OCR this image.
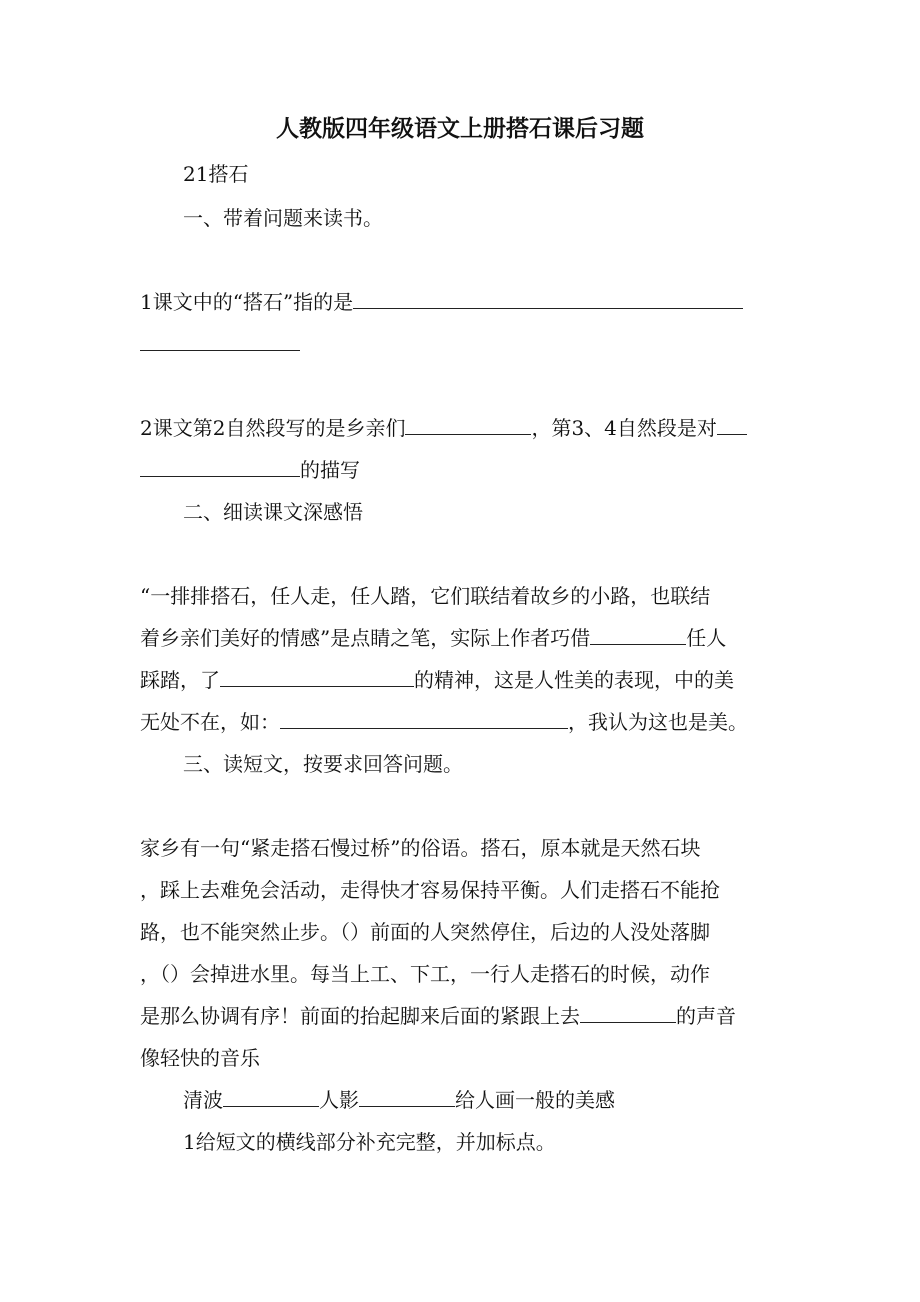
人教版四年级语文上册搭石课后习题
21搭石
一、带着问题来读书。
1课文中的“搭石”指的是
2课文第2自然段写的是乡亲们	，第3、4自然段是对
的描写
二、细读课文深感悟
“一排排搭石，任人走，任人踏，它们联结着故乡的小路，也联结
着乡亲们美好的情感”是点睛之笔，实际上作者巧借	任人
踩踏，了	的精神，这是人性美的表现，中的美
无处不在，如：	，我认为这也是美。
三、读短文，按要求回答问题。
家乡有一句“紧走搭石慢过桥”的俗语。搭石，原本就是天然石块
，踩上去难免会活动，走得快才容易保持平衡。人们走搭石不能抢
路，也不能突然止步。（）前面的人突然停住，后边的人没处落脚
，（）会掉进水里。每当上工、下工，一行人走搭石的时候，动作
是那么协调有序！前面的抬起脚来后面的紧跟上去	的声音
像轻快的音乐
清波	人影	给人画一般的美感
1给短文的横线部分补充完整，并加标点。
